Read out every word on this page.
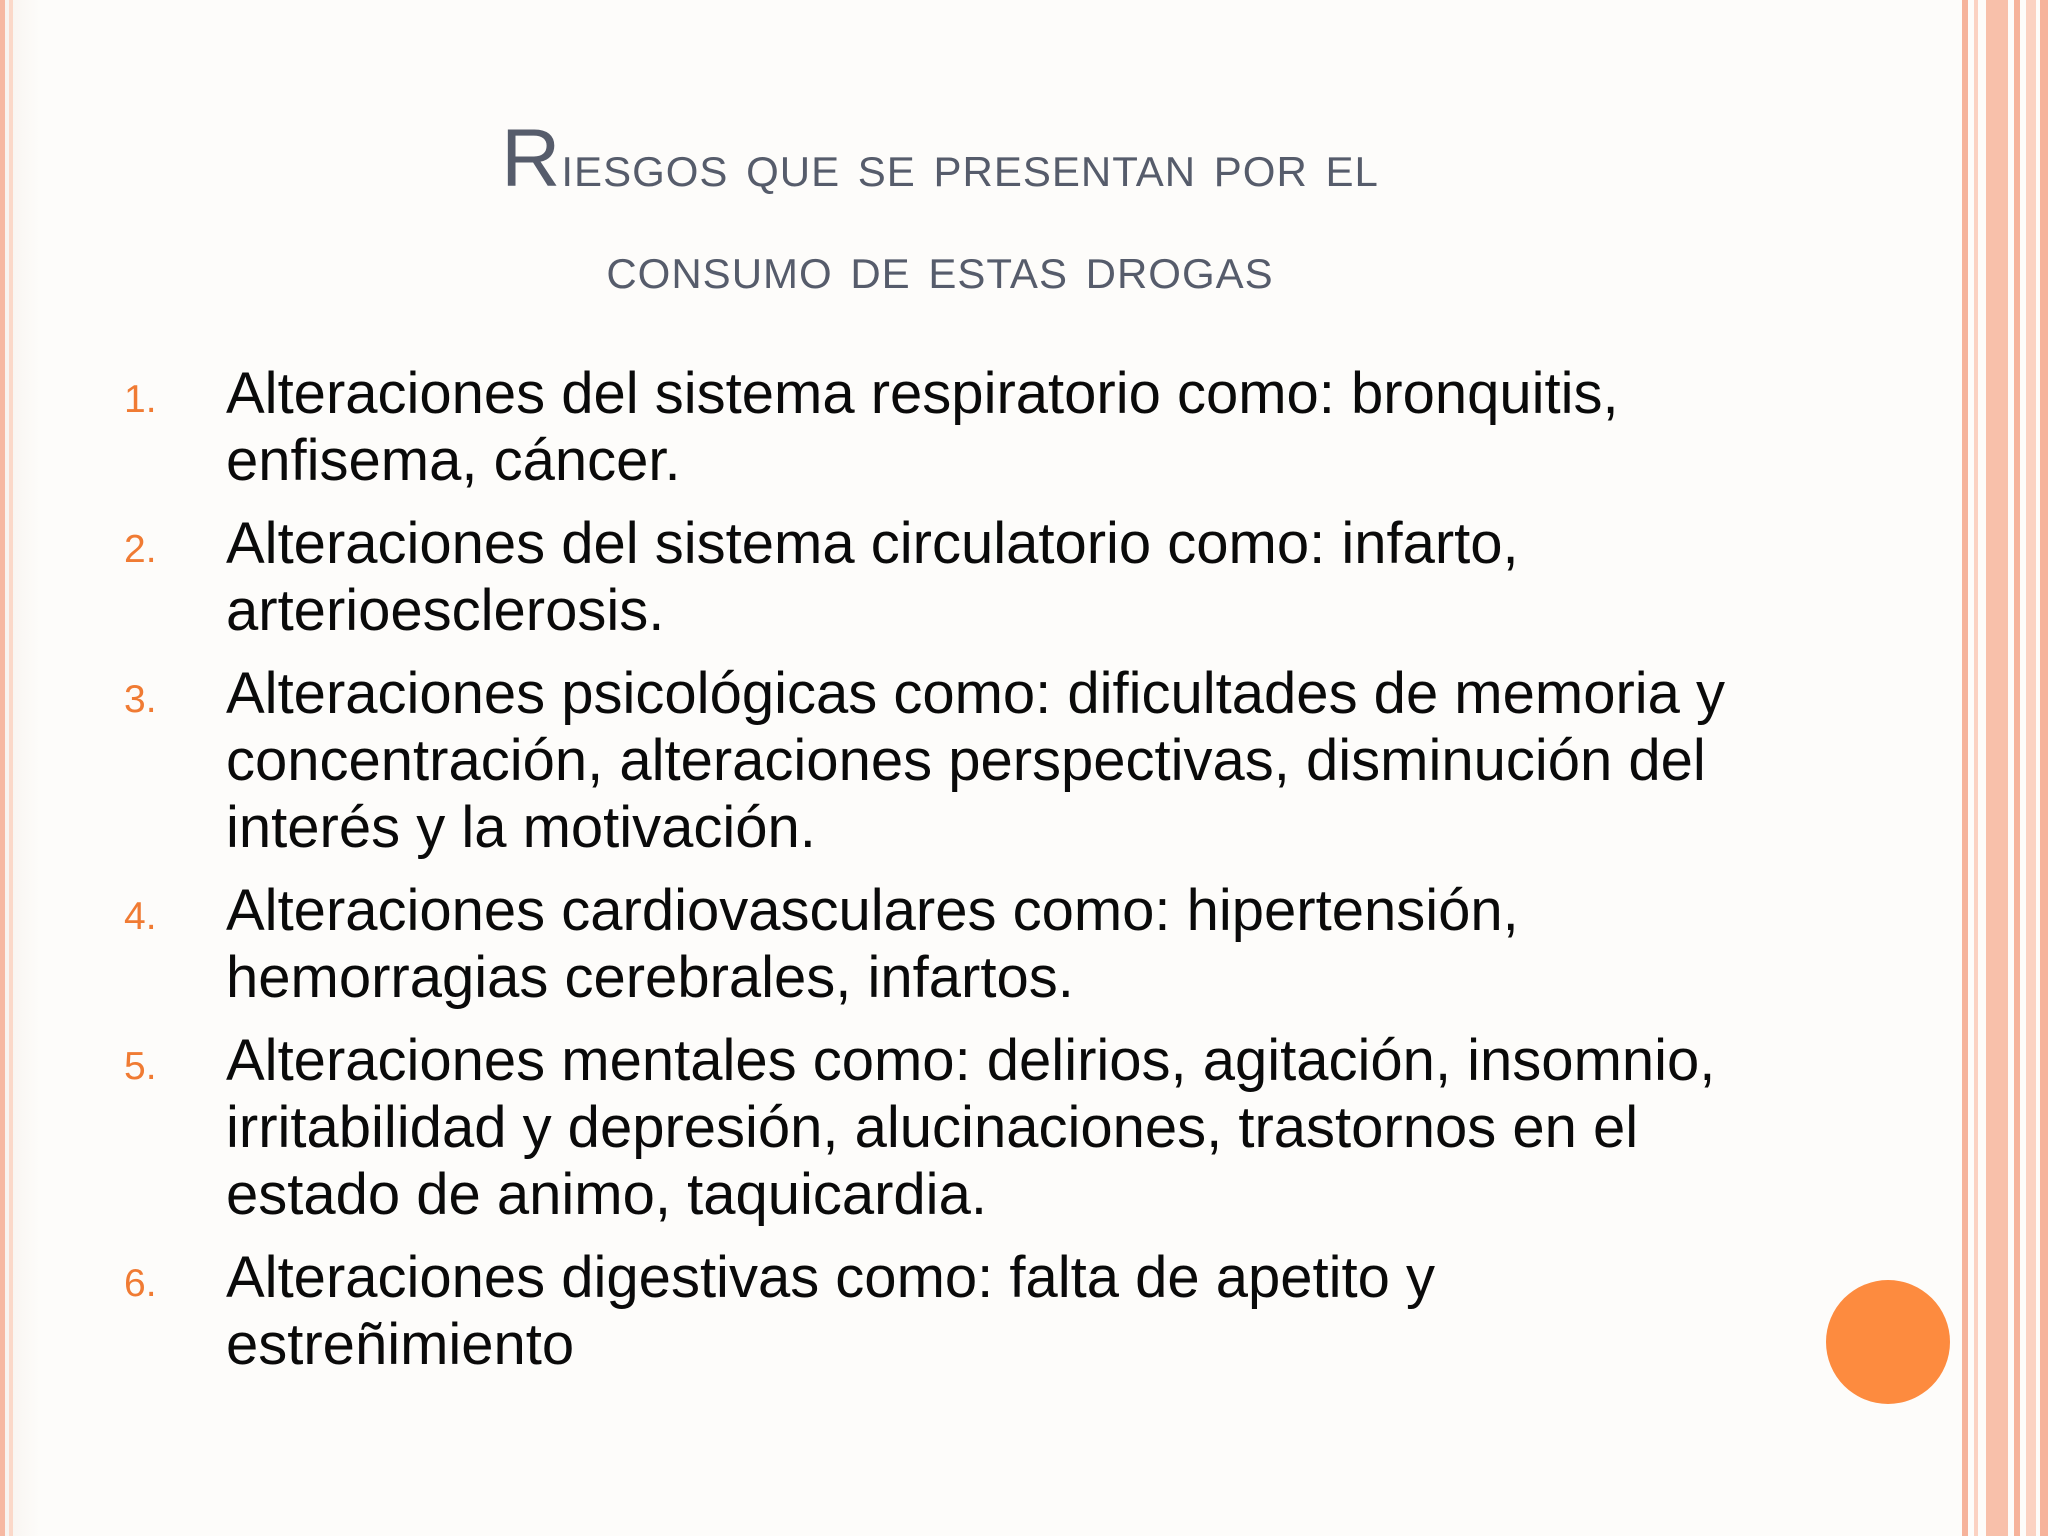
Riesgos que se presentan por el
consumo de estas drogas
1. Alteraciones del sistema respiratorio como: bronquitis, enfisema, cáncer.
2. Alteraciones del sistema circulatorio como: infarto, arterioesclerosis.
3. Alteraciones psicológicas como: dificultades de memoria y concentración, alteraciones perspectivas, disminución del interés y la motivación.
4. Alteraciones cardiovasculares como: hipertensión, hemorragias cerebrales, infartos.
5. Alteraciones mentales como: delirios, agitación, insomnio, irritabilidad y depresión, alucinaciones, trastornos en el estado de animo, taquicardia.
6. Alteraciones digestivas como: falta de apetito y estreñimiento
